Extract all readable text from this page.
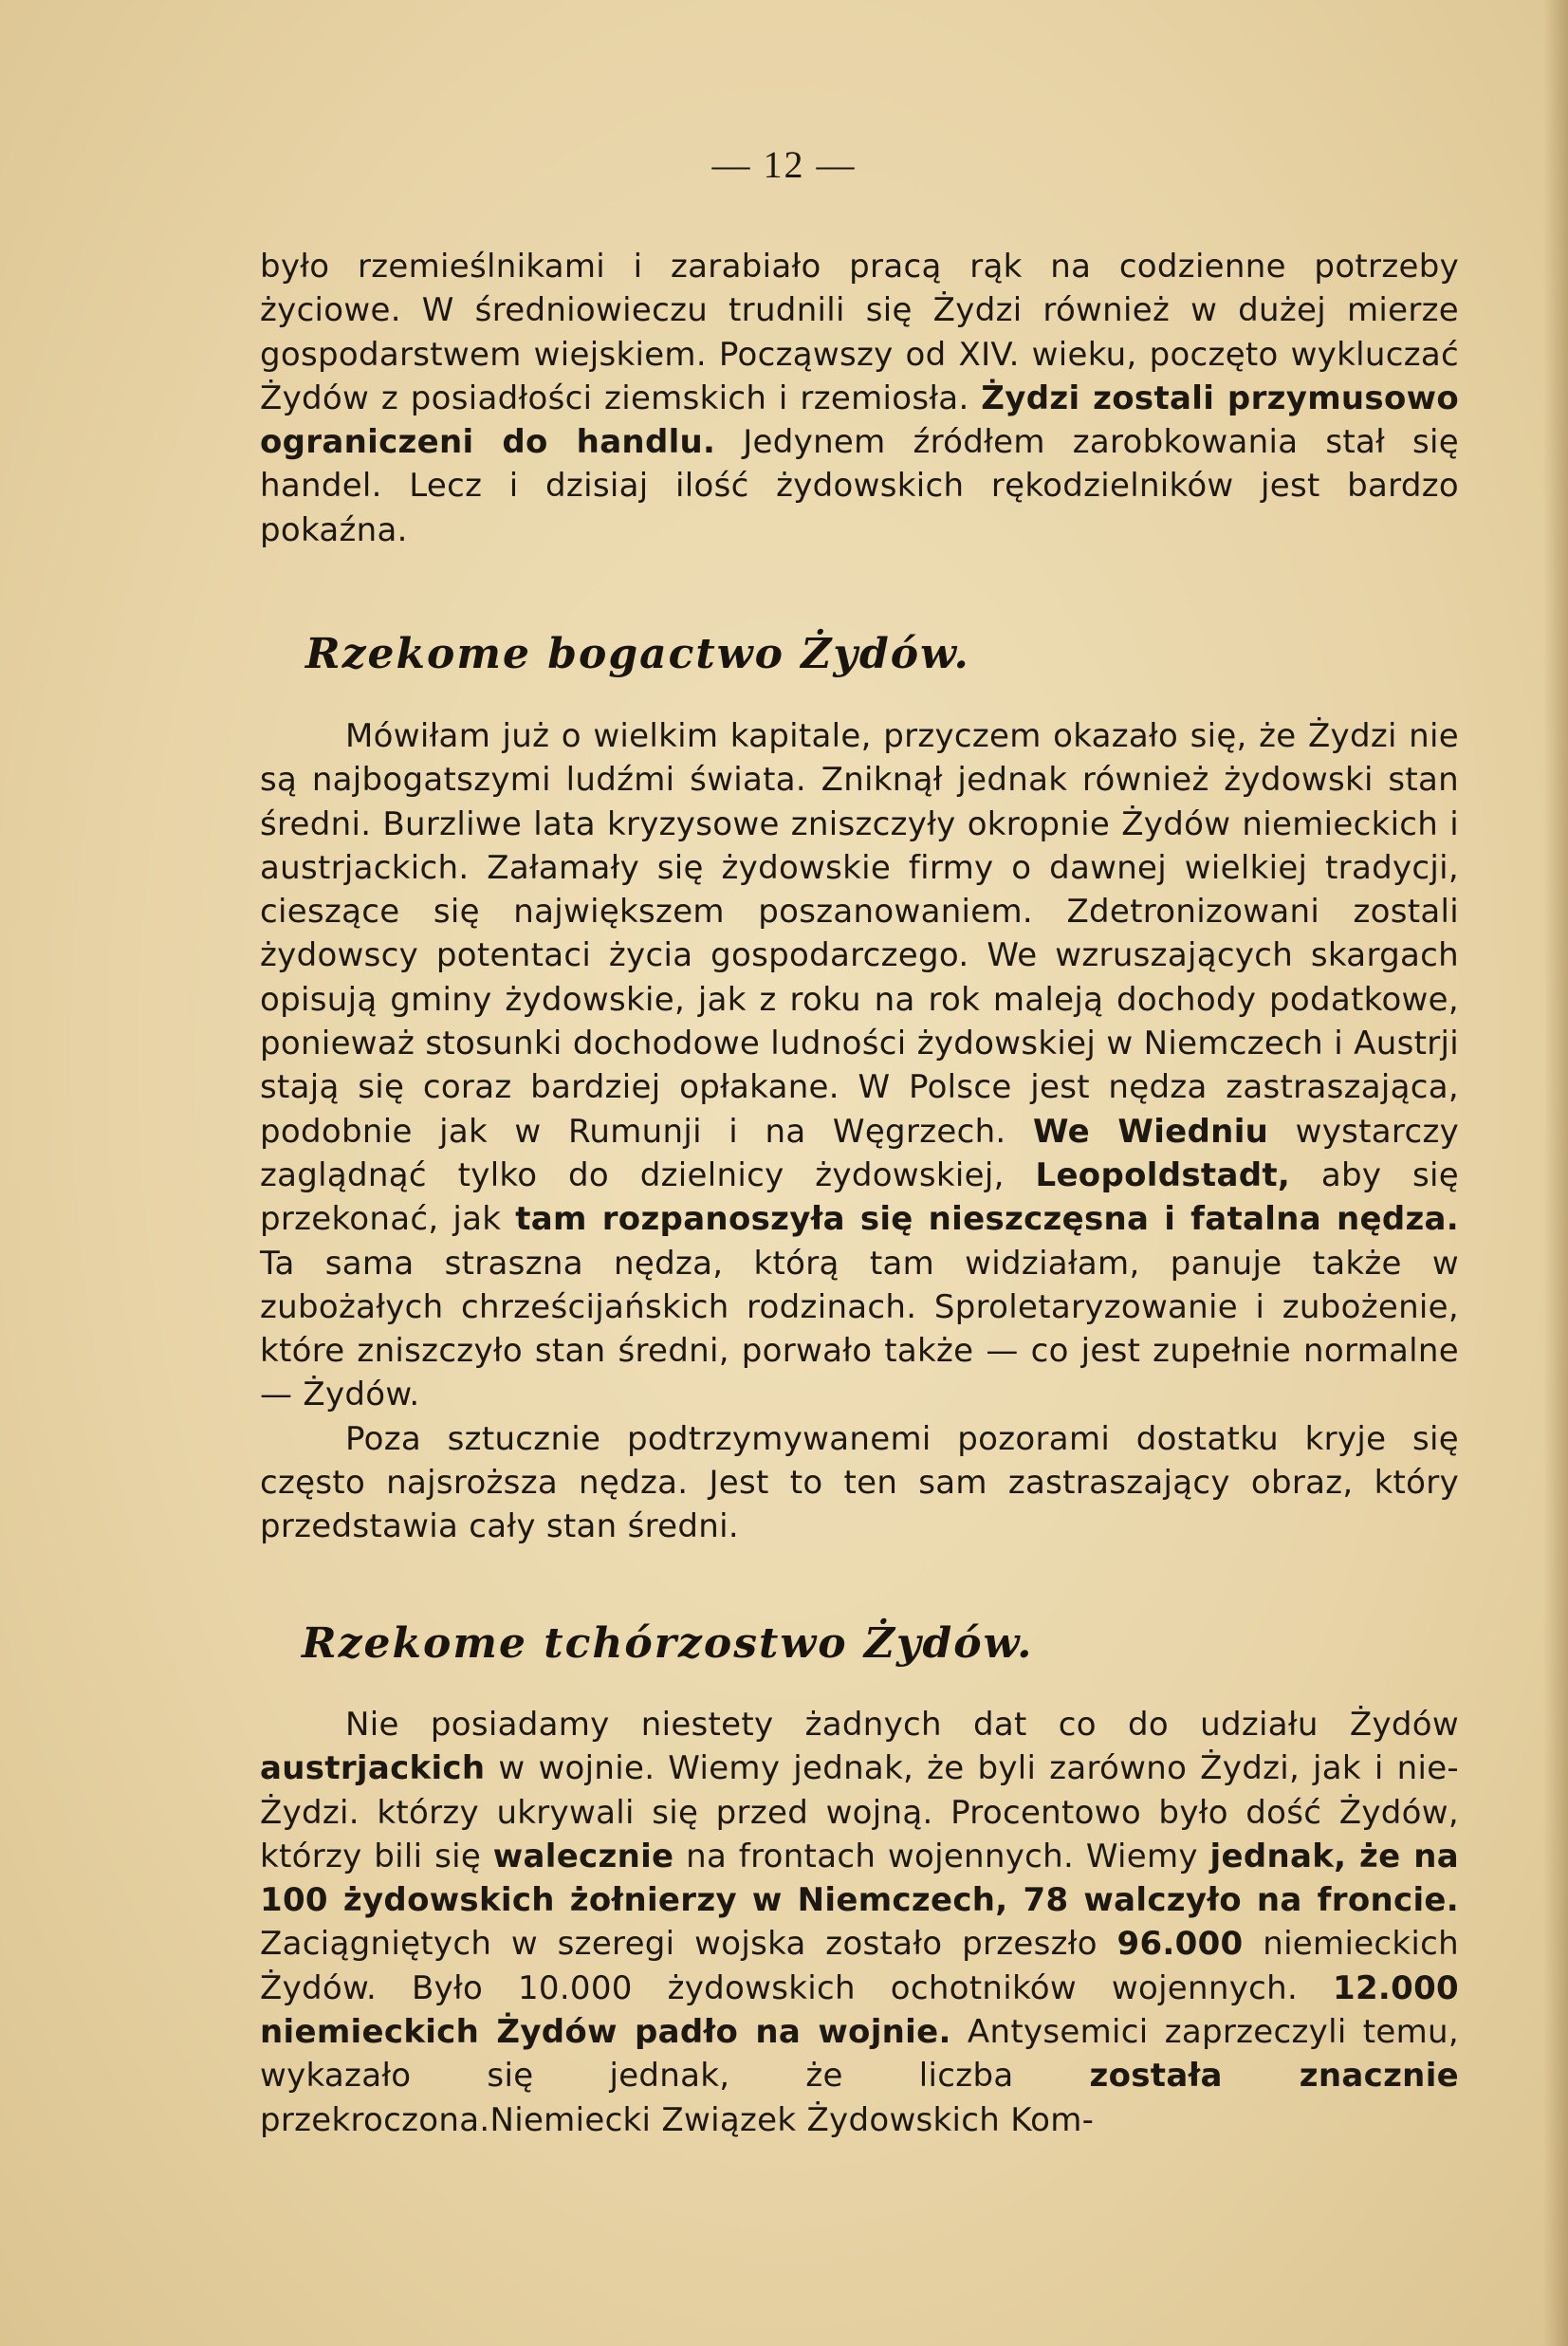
— 12 —

było rzemieślnikami i zarabiało pracą rąk na codzienne potrzeby życiowe. W średniowieczu trudnili się Żydzi również w dużej mierze gospodarstwem wiejskiem. Począwszy od XIV. wieku, poczęto wykluczać Żydów z posiadłości ziemskich i rzemiosła. Żydzi zostali przymusowo ograniczeni do handlu. Jedynem źródłem zarobkowania stał się handel. Lecz i dzisiaj ilość żydowskich rękodzielników jest bardzo pokaźna.

Rzekome bogactwo Żydów.

Mówiłam już o wielkim kapitale, przyczem okazało się, że Żydzi nie są najbogatszymi ludźmi świata. Zniknął jednak również żydowski stan średni. Burzliwe lata kryzysowe zniszczyły okropnie Żydów niemieckich i austrjackich. Załamały się żydowskie firmy o dawnej wielkiej tradycji, cieszące się największem poszanowaniem. Zdetronizowani zostali żydowscy potentaci życia gospodarczego. We wzruszających skargach opisują gminy żydowskie, jak z roku na rok maleją dochody podatkowe, ponieważ stosunki dochodowe ludności żydowskiej w Niemczech i Austrji stają się coraz bardziej opłakane. W Polsce jest nędza zastraszająca, podobnie jak w Rumunji i na Węgrzech. We Wiedniu wystarczy zaglądnąć tylko do dzielnicy żydowskiej, Leopoldstadt, aby się przekonać, jak tam rozpanoszyła się nieszczęsna i fatalna nędza. Ta sama straszna nędza, którą tam widziałam, panuje także w zubożałych chrześcijańskich rodzinach. Sproletaryzowanie i zubożenie, które zniszczyło stan średni, porwało także — co jest zupełnie normalne — Żydów.

Poza sztucznie podtrzymywanemi pozorami dostatku kryje się często najsroższa nędza. Jest to ten sam zastraszający obraz, który przedstawia cały stan średni.

Rzekome tchórzostwo Żydów.

Nie posiadamy niestety żadnych dat co do udziału Żydów austrjackich w wojnie. Wiemy jednak, że byli zarówno Żydzi, jak i nie-Żydzi. którzy ukrywali się przed wojną. Procentowo było dość Żydów, którzy bili się walecznie na frontach wojennych. Wiemy jednak, że na 100 żydowskich żołnierzy w Niemczech, 78 walczyło na froncie. Zaciągniętych w szeregi wojska zostało przeszło 96.000 niemieckich Żydów. Było 10.000 żydowskich ochotników wojennych. 12.000 niemieckich Żydów padło na wojnie. Antysemici zaprzeczyli temu, wykazało się jednak, że liczba została znacznie przekroczona.Niemiecki Związek Żydowskich Kom-
